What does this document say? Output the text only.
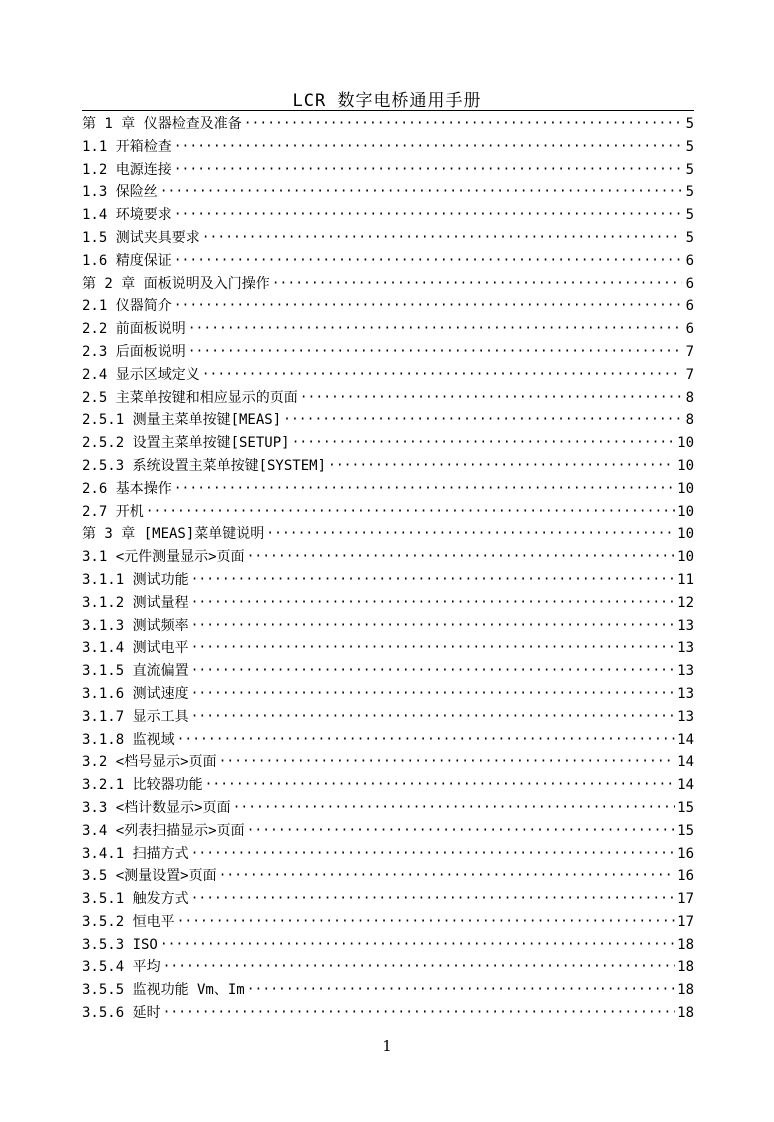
LCR 数字电桥通用手册
第 1 章 仪器检查及准备 ·····	5
1.1 开箱检查 ·····	5
1.2 电源连接 ·····	5
1.3 保险丝 ·····	5
1.4 环境要求 ·····	5
1.5 测试夹具要求 ·····	5
1.6 精度保证 ·····	6
第 2 章 面板说明及入门操作 ·····	6
2.1 仪器简介 ·····	6
2.2 前面板说明 ·····	6
2.3 后面板说明 ·····	7
2.4 显示区域定义 ·····	7
2.5 主菜单按键和相应显示的页面 ·····	8
2.5.1 测量主菜单按键[MEAS] ·····	8
2.5.2 设置主菜单按键[SETUP] ·····	10
2.5.3 系统设置主菜单按键[SYSTEM] ·····	10
2.6 基本操作 ·····	10
2.7 开机 ·····	10
第 3 章 [MEAS]菜单键说明 ·····	10
3.1 <元件测量显示>页面 ·····	10
3.1.1 测试功能 ·····	11
3.1.2 测试量程 ·····	12
3.1.3 测试频率 ·····	13
3.1.4 测试电平 ·····	13
3.1.5 直流偏置 ·····	13
3.1.6 测试速度 ·····	13
3.1.7 显示工具 ·····	13
3.1.8 监视域 ·····	14
3.2 <档号显示>页面 ·····	14
3.2.1 比较器功能 ·····	14
3.3 <档计数显示>页面 ·····	15
3.4 <列表扫描显示>页面 ·····	15
3.4.1 扫描方式 ·····	16
3.5 <测量设置>页面 ·····	16
3.5.1 触发方式 ·····	17
3.5.2 恒电平 ·····	17
3.5.3 ISO ·····	18
3.5.4 平均 ·····	18
3.5.5 监视功能 Vm、Im ·····	18
3.5.6 延时 ·····	18
1
